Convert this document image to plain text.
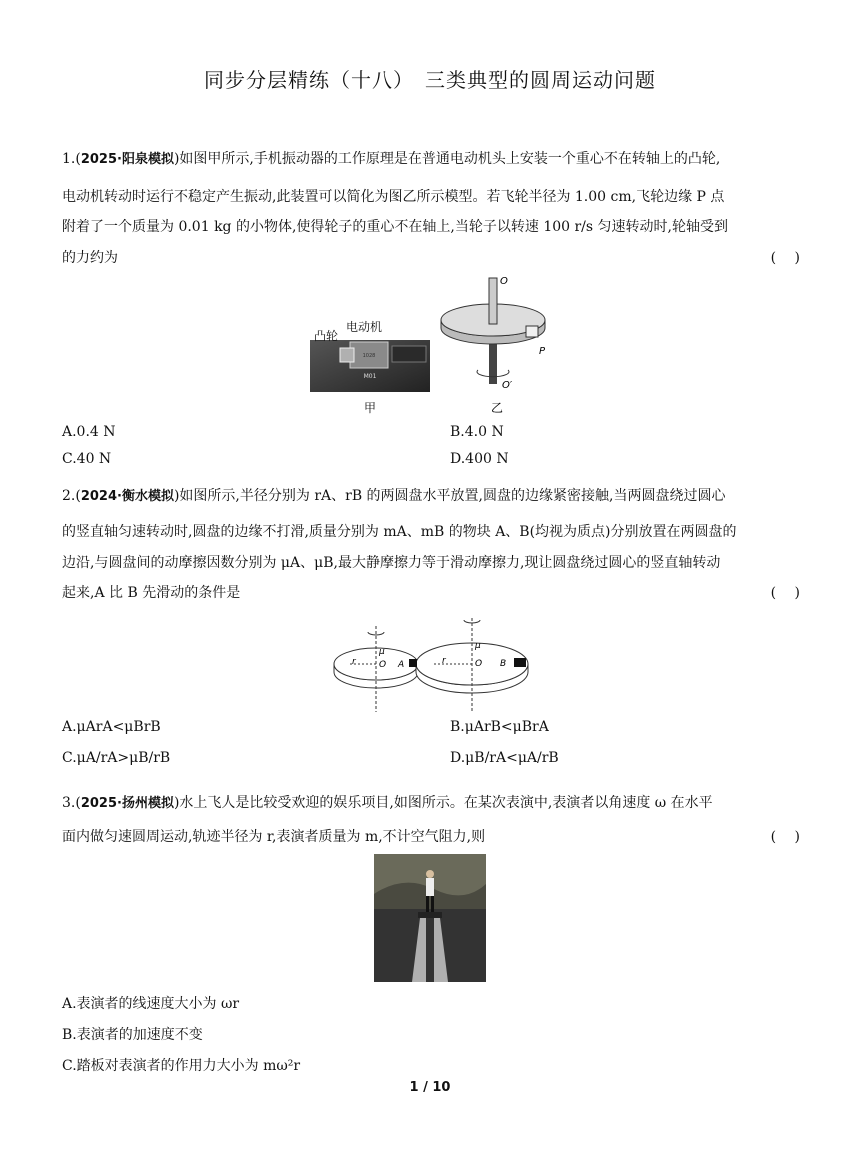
同步分层精练（十八）　三类典型的圆周运动问题
1.(2025·阳泉模拟)如图甲所示,手机振动器的工作原理是在普通电动机头上安装一个重心不在转轴上的凸轮,
电动机转动时运行不稳定产生振动,此装置可以简化为图乙所示模型。若飞轮半径为 1.00 cm,飞轮边缘 P 点
附着了一个质量为 0.01 kg 的小物体,使得轮子的重心不在轴上,当轮子以转速 100 r/s 匀速转动时,轮轴受到
的力约为	(　 )
1028
M01
凸轮
电动机
甲
O
P
O′
乙
A.0.4 N	B.4.0 N
C.40 N	D.400 N
2.(2024·衡水模拟)如图所示,半径分别为 rA、rB 的两圆盘水平放置,圆盘的边缘紧密接触,当两圆盘绕过圆心
的竖直轴匀速转动时,圆盘的边缘不打滑,质量分别为 mA、mB 的物块 A、B(均视为质点)分别放置在两圆盘的
边沿,与圆盘间的动摩擦因数分别为 μA、μB,最大静摩擦力等于滑动摩擦力,现让圆盘绕过圆心的竖直轴转动
起来,A 比 B 先滑动的条件是	(　 )
r
μ
O A	r
μ
O B
A.μArA<μBrB	B.μArB<μBrA
C.μA/rA>μB/rB	D.μB/rA<μA/rB
3.(2025·扬州模拟)水上飞人是比较受欢迎的娱乐项目,如图所示。在某次表演中,表演者以角速度 ω 在水平
面内做匀速圆周运动,轨迹半径为 r,表演者质量为 m,不计空气阻力,则	(　 )
A.表演者的线速度大小为 ωr
B.表演者的加速度不变
C.踏板对表演者的作用力大小为 mω²r
1 / 10
